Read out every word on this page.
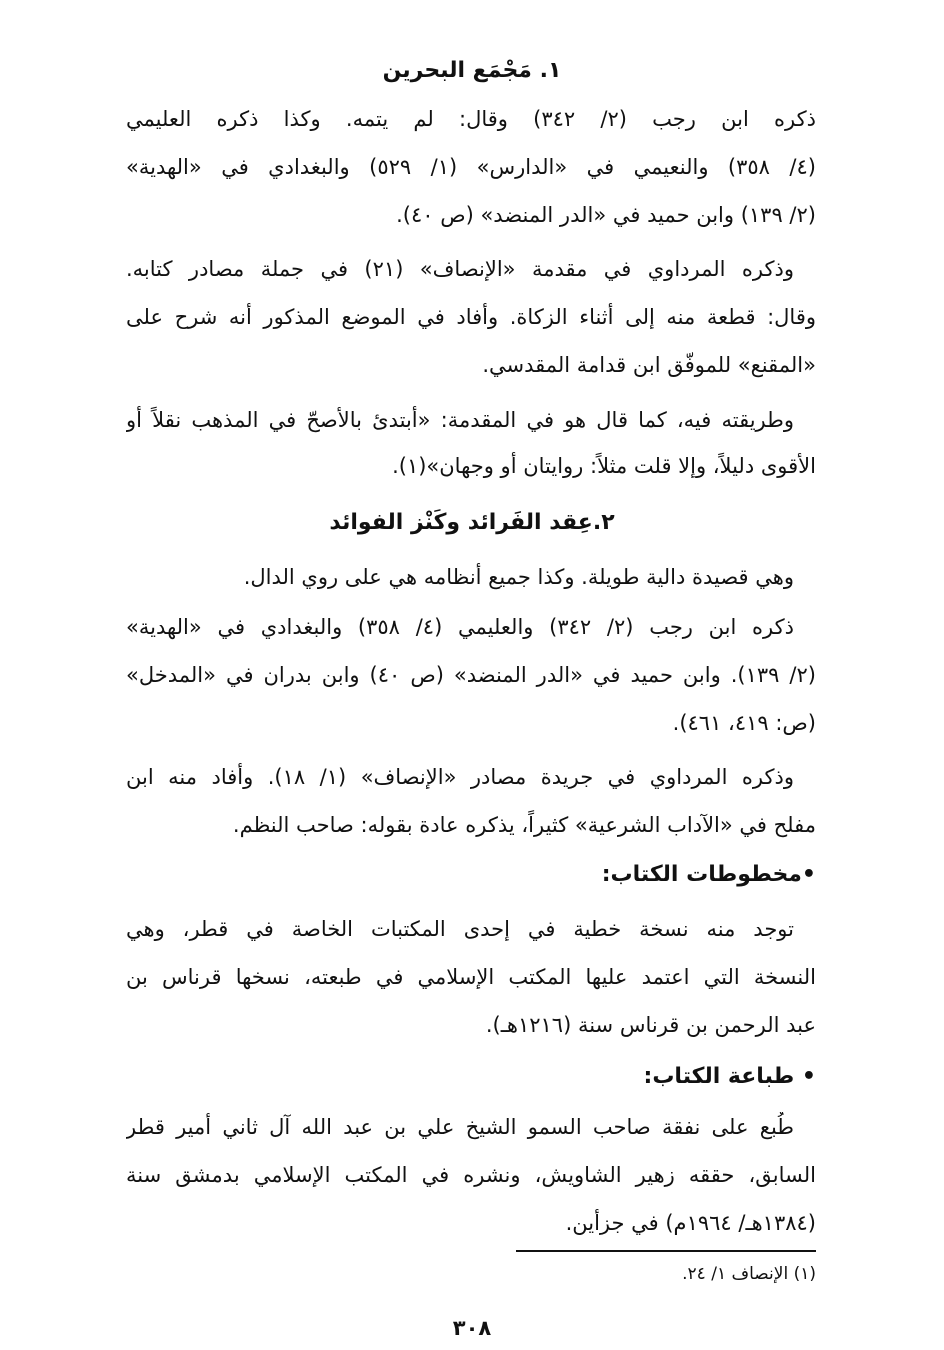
١. مَجْمَع البحرين
ذكره ابن رجب (٢/ ٣٤٢) وقال: لم يتمه. وكذا ذكره العليمي
(٤/ ٣٥٨) والنعيمي في «الدارس» (١/ ٥٢٩) والبغدادي في «الهدية»
(٢/ ١٣٩) وابن حميد في «الدر المنضد» (ص ٤٠).
وذكره المرداوي في مقدمة «الإنصاف» (٢١) في جملة مصادر كتابه.
وقال: قطعة منه إلى أثناء الزكاة. وأفاد في الموضع المذكور أنه شرح على
«المقنع» للموفّق ابن قدامة المقدسي.
وطريقته فيه، كما قال هو في المقدمة: «أبتدئ بالأصحّ في المذهب نقلاً أو
الأقوى دليلاً، وإلا قلت مثلاً: روايتان أو وجهان»(١).
٢.عِقد الفَرائد وكَنْز الفوائد
وهي قصيدة دالية طويلة. وكذا جميع أنظامه هي على روي الدال.
ذكره ابن رجب (٢/ ٣٤٢) والعليمي (٤/ ٣٥٨) والبغدادي في «الهدية»
(٢/ ١٣٩). وابن حميد في «الدر المنضد» (ص ٤٠) وابن بدران في «المدخل»
(ص: ٤١٩، ٤٦١).
وذكره المرداوي في جريدة مصادر «الإنصاف» (١/ ١٨). وأفاد منه ابن
مفلح في «الآداب الشرعية» كثيراً، يذكره عادة بقوله: صاحب النظم.
•مخطوطات الكتاب:
توجد منه نسخة خطية في إحدى المكتبات الخاصة في قطر، وهي
النسخة التي اعتمد عليها المكتب الإسلامي في طبعته، نسخها قرناس بن
عبد الرحمن بن قرناس سنة (١٢١٦هـ).
• طباعة الكتاب:
طُبع على نفقة صاحب السمو الشيخ علي بن عبد الله آل ثاني أمير قطر
السابق، حققه زهير الشاويش، ونشره في المكتب الإسلامي بدمشق سنة
(١٣٨٤هـ/ ١٩٦٤م) في جزأين.
(١) الإنصاف ١/ ٢٤.
٣٠٨
